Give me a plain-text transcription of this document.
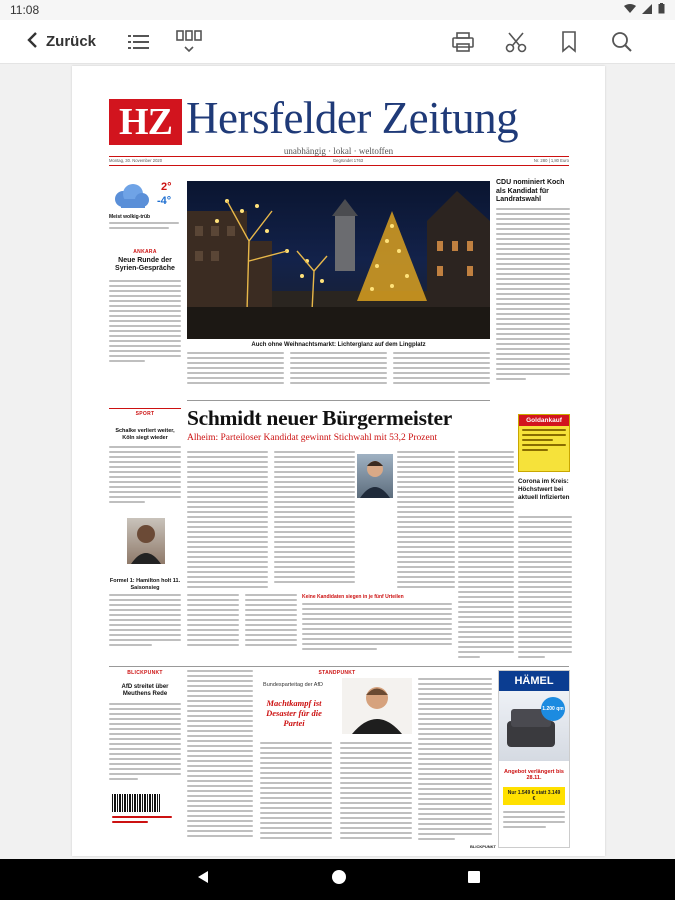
11:08
Zurück
HZ Hersfelder Zeitung
unabhängig · lokal · weltoffen
Montag, 30. November 2020	Gegründet 1763	Nr. 280 | 1,80 Euro
2°
-4°
Meist wolkig-trüb
ANKARA
Neue Runde der Syrien-Gespräche
Auch ohne Weihnachtsmarkt: Lichterglanz auf dem Lingplatz
CDU nominiert Koch als Kandidat für Landratswahl
SPORT
Schalke verliert weiter, Köln siegt wieder
Formel 1: Hamilton holt 11. Saisonsieg
Schmidt neuer Bürgermeister
Alheim: Parteiloser Kandidat gewinnt Stichwahl mit 53,2 Prozent
Keine Kandidaten siegen in je fünf Urteilen
Goldankauf
Corona im Kreis: Höchstwert bei aktuell Infizierten
BLICKPUNKT
AfD streitet über Meuthens Rede
STANDPUNKT
Bundesparteitag der AfD
Machtkampf ist Desaster für die Partei
BLICKPUNKT
HÄMEL
1.200 qm
Angebot verlängert bis 28.11.
Nur 1.549 € statt 3.149 €
